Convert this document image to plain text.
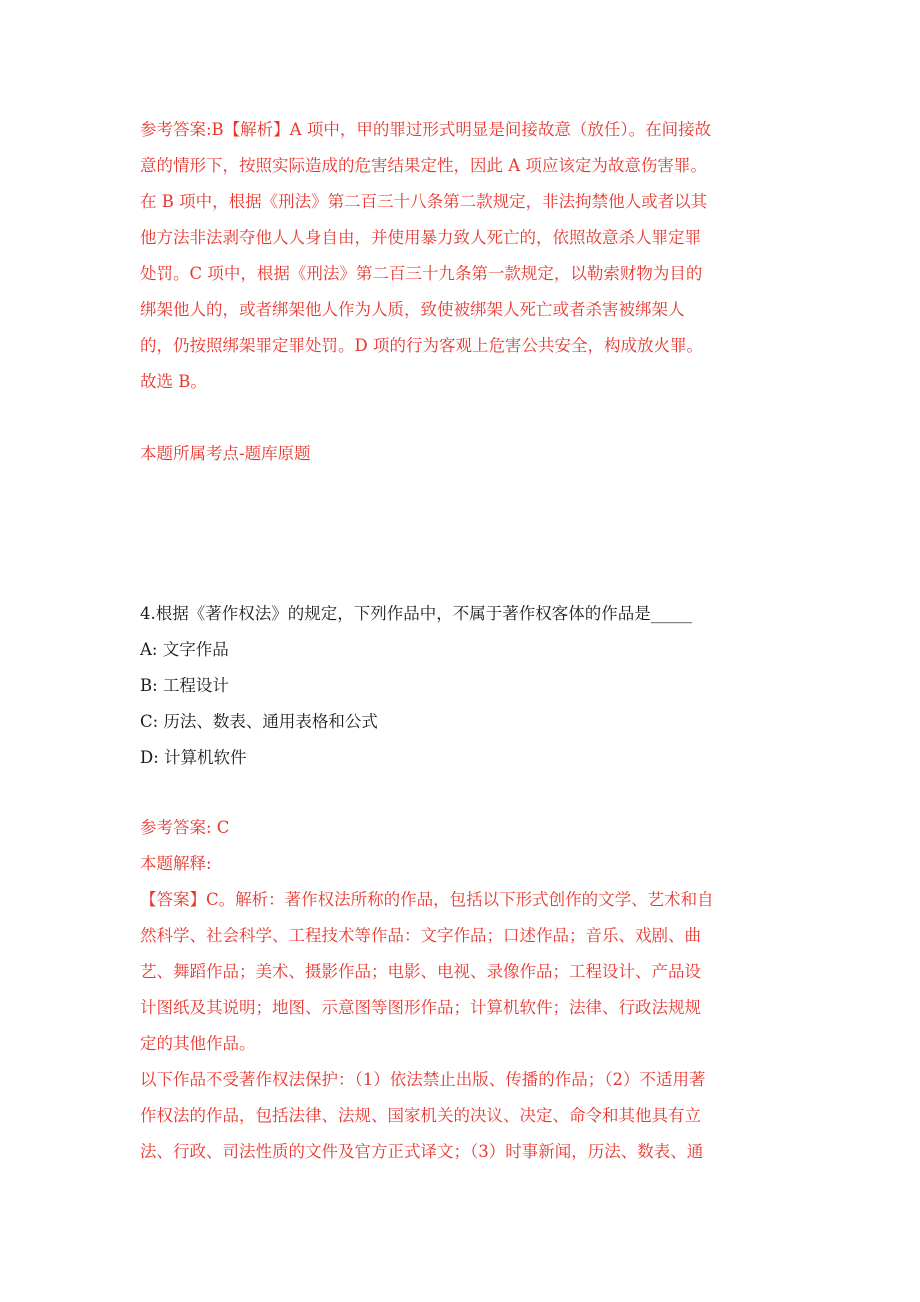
参考答案:B【解析】A 项中，甲的罪过形式明显是间接故意（放任）。在间接故
意的情形下，按照实际造成的危害结果定性，因此 A 项应该定为故意伤害罪。
在 B 项中，根据《刑法》第二百三十八条第二款规定，非法拘禁他人或者以其
他方法非法剥夺他人人身自由，并使用暴力致人死亡的，依照故意杀人罪定罪
处罚。C 项中，根据《刑法》第二百三十九条第一款规定，以勒索财物为目的
绑架他人的，或者绑架他人作为人质，致使被绑架人死亡或者杀害被绑架人
的，仍按照绑架罪定罪处罚。D 项的行为客观上危害公共安全，构成放火罪。
故选 B。
本题所属考点-题库原题
4.根据《著作权法》的规定，下列作品中，不属于著作权客体的作品是_____
A: 文字作品
B: 工程设计
C: 历法、数表、通用表格和公式
D: 计算机软件
参考答案: C
本题解释:
【答案】C。解析：著作权法所称的作品，包括以下形式创作的文学、艺术和自
然科学、社会科学、工程技术等作品：文字作品；口述作品；音乐、戏剧、曲
艺、舞蹈作品；美术、摄影作品；电影、电视、录像作品；工程设计、产品设
计图纸及其说明；地图、示意图等图形作品；计算机软件；法律、行政法规规
定的其他作品。
以下作品不受著作权法保护：（1）依法禁止出版、传播的作品；（2）不适用著
作权法的作品，包括法律、法规、国家机关的决议、决定、命令和其他具有立
法、行政、司法性质的文件及官方正式译文；（3）时事新闻，历法、数表、通
